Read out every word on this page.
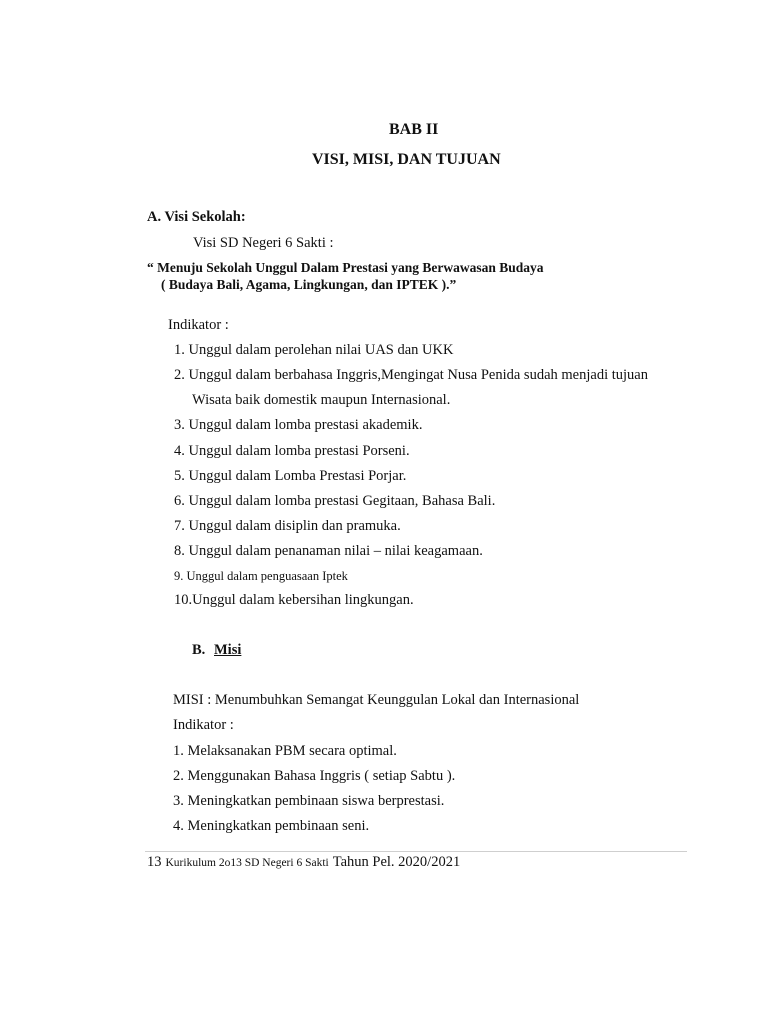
BAB II
VISI, MISI, DAN TUJUAN
A. Visi Sekolah:
Visi SD Negeri 6 Sakti :
“ Menuju Sekolah Unggul Dalam Prestasi yang Berwawasan Budaya
( Budaya Bali, Agama, Lingkungan, dan IPTEK ).”
Indikator :
1. Unggul dalam perolehan nilai UAS dan UKK
2. Unggul dalam berbahasa Inggris,Mengingat Nusa Penida sudah menjadi tujuan
Wisata baik domestik maupun Internasional.
3. Unggul dalam lomba prestasi akademik.
4. Unggul dalam lomba prestasi Porseni.
5. Unggul dalam Lomba Prestasi Porjar.
6. Unggul dalam lomba prestasi Gegitaan, Bahasa Bali.
7. Unggul dalam disiplin dan pramuka.
8. Unggul dalam penanaman nilai – nilai keagamaan.
9. Unggul dalam penguasaan Iptek
10.Unggul dalam kebersihan lingkungan.
B. Misi
MISI : Menumbuhkan Semangat Keunggulan Lokal dan Internasional
Indikator :
1. Melaksanakan PBM secara optimal.
2. Menggunakan Bahasa Inggris ( setiap Sabtu ).
3. Meningkatkan pembinaan siswa berprestasi.
4. Meningkatkan pembinaan seni.
13 Kurikulum 2o13 SD Negeri 6 Sakti Tahun Pel. 2020/2021
